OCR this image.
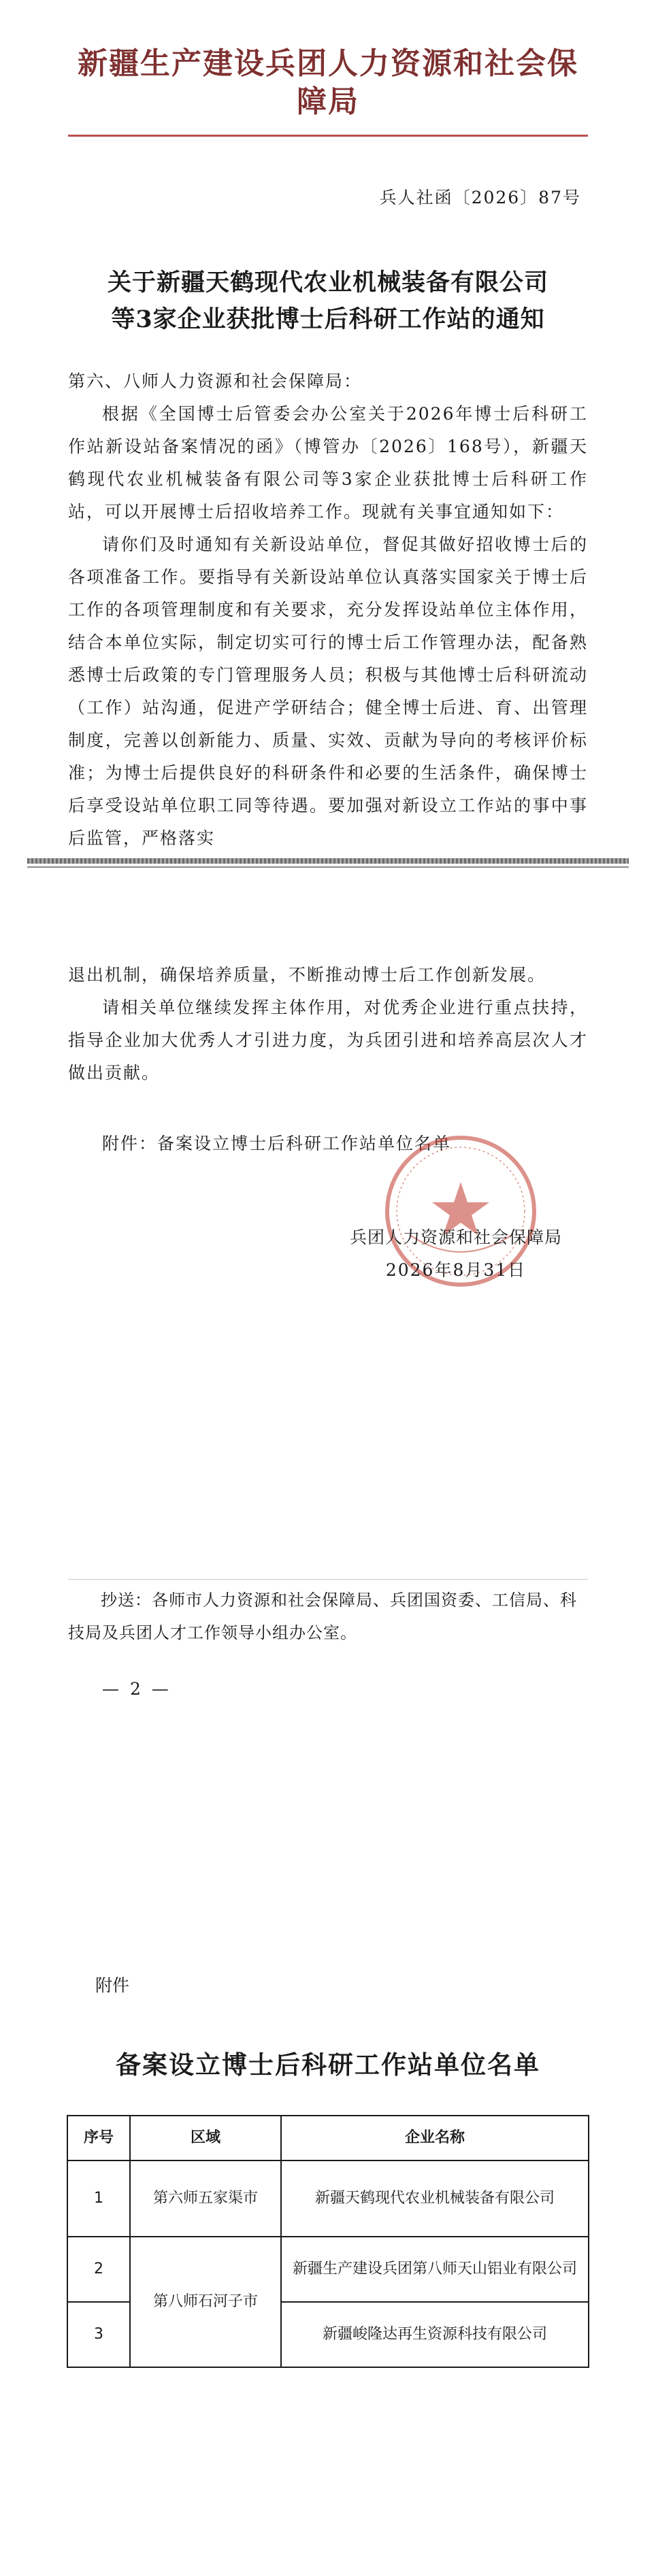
新疆生产建设兵团人力资源和社会保障局
兵人社函〔2026〕87号
关于新疆天鹤现代农业机械装备有限公司
等3家企业获批博士后科研工作站的通知
第六、八师人力资源和社会保障局：

根据《全国博士后管委会办公室关于2026年博士后科研工作站新设站备案情况的函》（博管办〔2026〕168号），新疆天鹤现代农业机械装备有限公司等3家企业获批博士后科研工作站，可以开展博士后招收培养工作。现就有关事宜通知如下：

请你们及时通知有关新设站单位，督促其做好招收博士后的各项准备工作。要指导有关新设站单位认真落实国家关于博士后工作的各项管理制度和有关要求，充分发挥设站单位主体作用，结合本单位实际，制定切实可行的博士后工作管理办法，配备熟悉博士后政策的专门管理服务人员；积极与其他博士后科研流动（工作）站沟通，促进产学研结合；健全博士后进、育、出管理制度，完善以创新能力、质量、实效、贡献为导向的考核评价标准；为博士后提供良好的科研条件和必要的生活条件，确保博士后享受设站单位职工同等待遇。要加强对新设立工作站的事中事后监管，严格落实

退出机制，确保培养质量，不断推动博士后工作创新发展。

请相关单位继续发挥主体作用，对优秀企业进行重点扶持，指导企业加大优秀人才引进力度，为兵团引进和培养高层次人才做出贡献。

附件：备案设立博士后科研工作站单位名单
兵团人力资源和社会保障局
2026年8月31日
抄送：各师市人力资源和社会保障局、兵团国资委、工信局、科技局及兵团人才工作领导小组办公室。
— 2 —
附件
备案设立博士后科研工作站单位名单
序号	区域	企业名称
1	第六师五家渠市	新疆天鹤现代农业机械装备有限公司
2	第八师石河子市	新疆生产建设兵团第八师天山铝业有限公司
3		新疆峻隆达再生资源科技有限公司
